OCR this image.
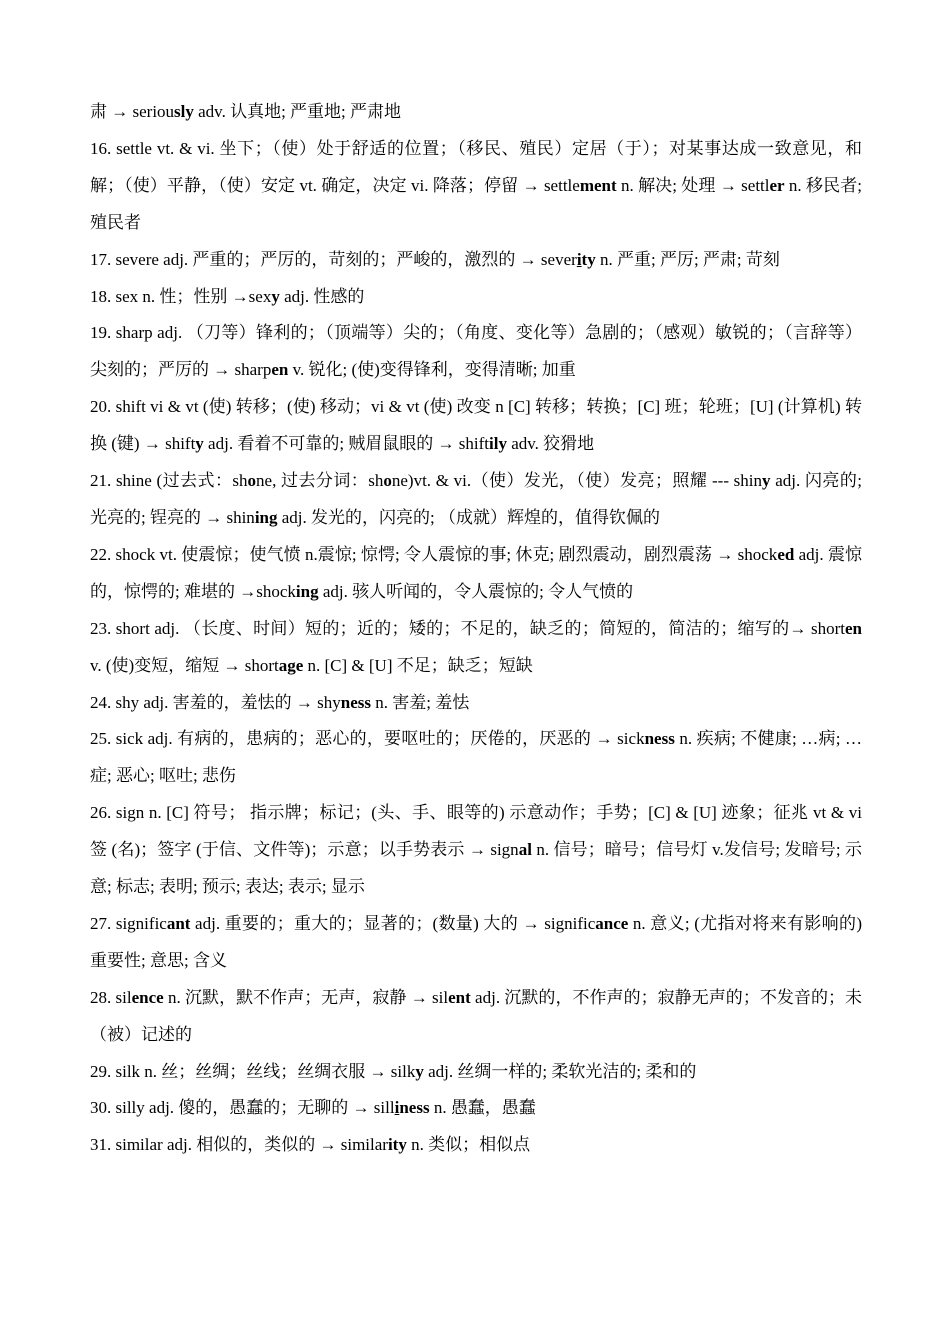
肃 → seriously adv. 认真地; 严重地; 严肃地

16. settle vt. & vi. 坐下；（使）处于舒适的位置；（移民、殖民）定居（于）；对某事达成一致意见，和解；（使）平静，（使）安定 vt. 确定，决定 vi. 降落；停留 → settlement n. 解决; 处理 → settler n. 移民者; 殖民者

17. severe adj. 严重的；严厉的，苛刻的；严峻的，激烈的 → severity n. 严重; 严厉; 严肃; 苛刻

18. sex n. 性；性别 →sexy adj. 性感的

19. sharp adj. （刀等）锋利的；（顶端等）尖的；（角度、变化等）急剧的；（感观）敏锐的；（言辞等）尖刻的；严厉的 → sharpen v. 锐化; (使)变得锋利，变得清晰; 加重

20. shift vi & vt (使) 转移；(使) 移动；vi & vt (使) 改变 n [C] 转移；转换；[C] 班；轮班；[U] (计算机) 转换 (键) → shifty adj. 看着不可靠的; 贼眉鼠眼的 → shiftily adv. 狡猾地

21. shine (过去式：shone, 过去分词：shone)vt. & vi.（使）发光，（使）发亮；照耀 --- shiny adj. 闪亮的; 光亮的; 锃亮的 → shining adj. 发光的，闪亮的; （成就）辉煌的，值得钦佩的

22. shock vt. 使震惊；使气愤 n.震惊; 惊愕; 令人震惊的事; 休克; 剧烈震动，剧烈震荡 → shocked adj. 震惊的，惊愕的; 难堪的 →shocking adj. 骇人听闻的，令人震惊的; 令人气愤的

23. short adj. （长度、时间）短的；近的；矮的；不足的，缺乏的；简短的，简洁的；缩写的→ shorten v. (使)变短，缩短 → shortage n. [C] & [U] 不足；缺乏；短缺

24. shy adj. 害羞的，羞怯的 → shyness n. 害羞; 羞怯

25. sick adj. 有病的，患病的；恶心的，要呕吐的；厌倦的，厌恶的 → sickness n. 疾病; 不健康; …病; …症; 恶心; 呕吐; 悲伤

26. sign n. [C] 符号； 指示牌；标记；(头、手、眼等的) 示意动作；手势；[C] & [U] 迹象；征兆 vt & vi 签 (名)；签字 (于信、文件等)；示意；以手势表示 → signal n. 信号；暗号；信号灯 v.发信号; 发暗号; 示意; 标志; 表明; 预示; 表达; 表示; 显示

27. significant adj. 重要的；重大的；显著的；(数量) 大的 → significance n. 意义; (尤指对将来有影响的)重要性; 意思; 含义

28. silence n. 沉默，默不作声；无声，寂静 → silent adj. 沉默的，不作声的；寂静无声的；不发音的；未（被）记述的

29. silk n. 丝；丝绸；丝线；丝绸衣服 → silky adj. 丝绸一样的; 柔软光洁的; 柔和的

30. silly adj. 傻的，愚蠢的；无聊的 → silliness n. 愚蠢，愚蠢

31. similar adj. 相似的，类似的 → similarity n. 类似；相似点
